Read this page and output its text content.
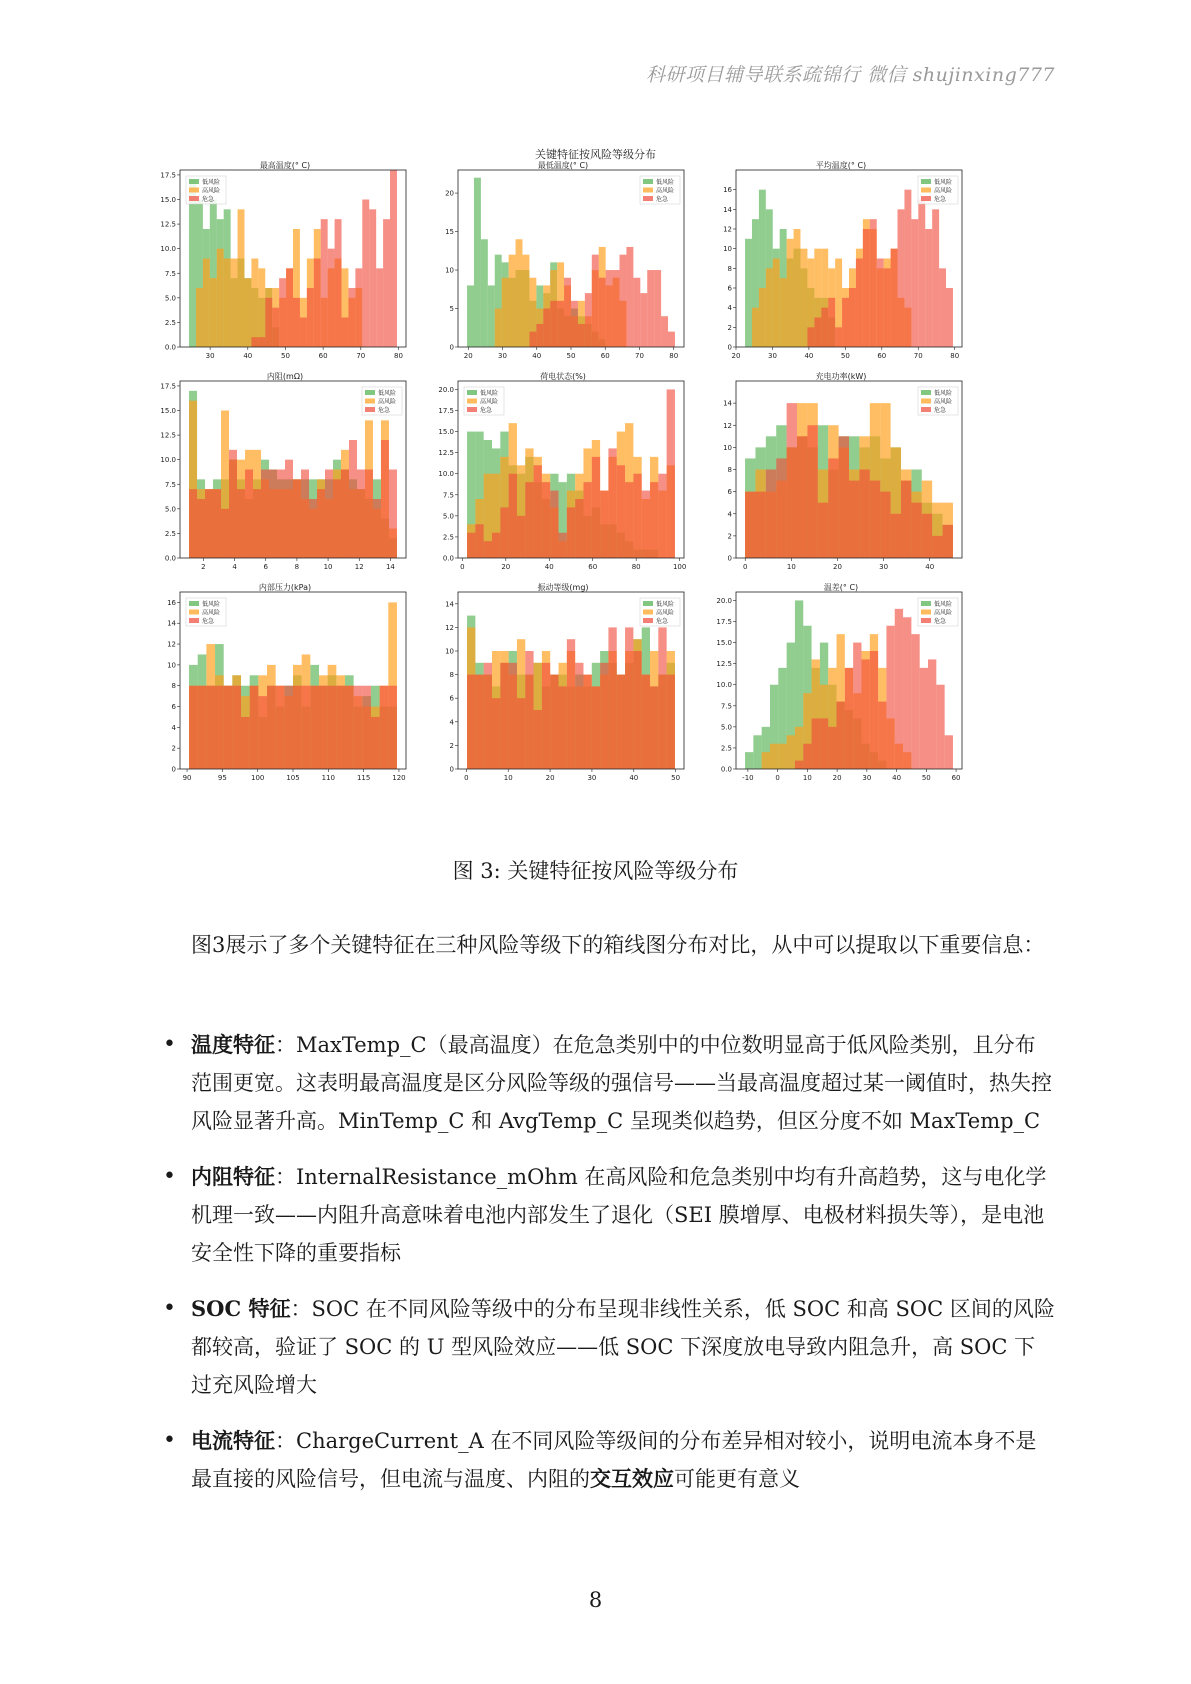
科研项目辅导联系疏锦行 微信 shujinxing777
关键特征按风险等级分布
最高温度(° C)
0.0
2.5
5.0
7.5
10.0
12.5
15.0
17.5
30	40	50	60	70	80
低风险
高风险
危急
最低温度(° C)
0
5
10
15
20
20	30	40	50	60	70	80
低风险
高风险
危急
平均温度(° C)
0
2
4
6
8
10
12
14
16
20	30	40	50	60	70	80
低风险
高风险
危急
内阻(mΩ)
0.0
2.5
5.0
7.5
10.0
12.5
15.0
17.5
2	4	6	8	10	12	14
低风险
高风险
危急
荷电状态(%)
0.0
2.5
5.0
7.5
10.0
12.5
15.0
17.5
20.0
0	20	40	60	80	100
低风险
高风险
危急
充电功率(kW)
0
2
4
6
8
10
12
14
0	10	20	30	40
低风险
高风险
危急
内部压力(kPa)
0
2
4
6
8
10
12
14
16
90	95	100	105	110	115	120
低风险
高风险
危急
振动等级(mg)
0
2
4
6
8
10
12
14
0	10	20	30	40	50
低风险
高风险
危急
温差(° C)
0.0
2.5
5.0
7.5
10.0
12.5
15.0
17.5
20.0
-10	0	10	20	30	40	50	60
低风险
高风险
危急
图 3: 关键特征按风险等级分布
图3展示了多个关键特征在三种风险等级下的箱线图分布对比，从中可以提取以下重要信息：
• 温度特征：MaxTemp_C（最高温度）在危急类别中的中位数明显高于低风险类别，且分布范围更宽。这表明最高温度是区分风险等级的强信号——当最高温度超过某一阈值时，热失控风险显著升高。MinTemp_C 和 AvgTemp_C 呈现类似趋势，但区分度不如 MaxTemp_C
• 内阻特征：InternalResistance_mOhm 在高风险和危急类别中均有升高趋势，这与电化学机理一致——内阻升高意味着电池内部发生了退化（SEI 膜增厚、电极材料损失等），是电池安全性下降的重要指标
• SOC 特征：SOC 在不同风险等级中的分布呈现非线性关系，低 SOC 和高 SOC 区间的风险都较高，验证了 SOC 的 U 型风险效应——低 SOC 下深度放电导致内阻急升，高 SOC 下过充风险增大
• 电流特征：ChargeCurrent_A 在不同风险等级间的分布差异相对较小，说明电流本身不是最直接的风险信号，但电流与温度、内阻的交互效应可能更有意义
8
